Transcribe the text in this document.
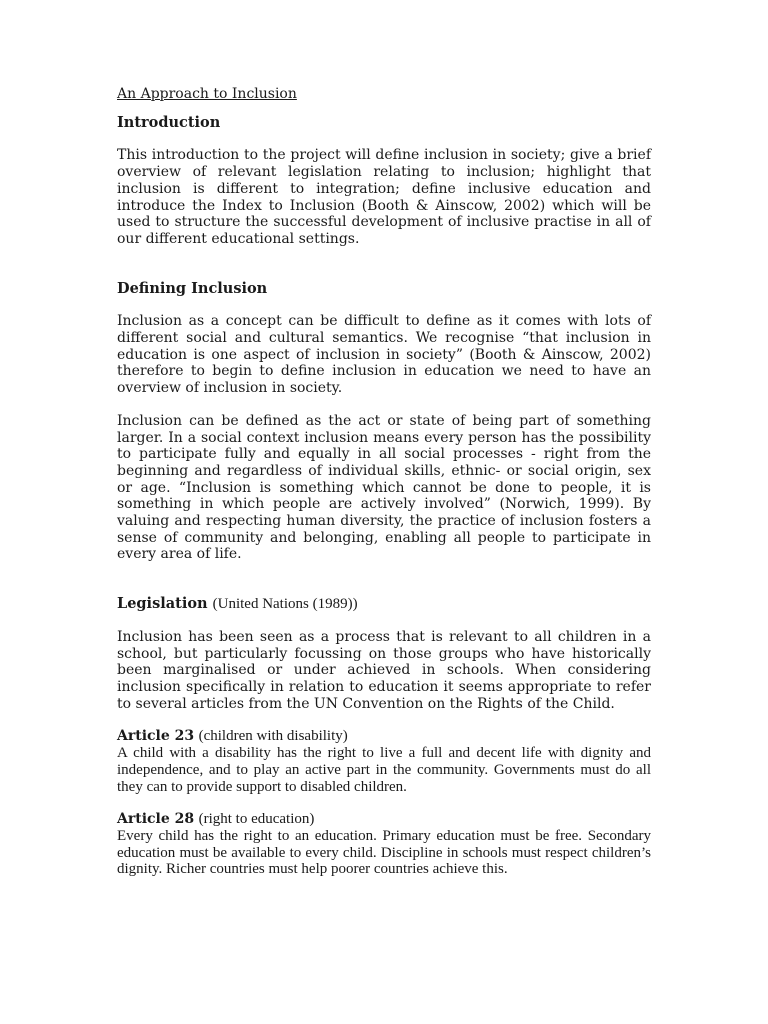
An Approach to Inclusion
Introduction

This introduction to the project will define inclusion in society; give a brief overview of relevant legislation relating to inclusion; highlight that inclusion is different to integration; define inclusive education and introduce the Index to Inclusion (Booth & Ainscow, 2002) which will be used to structure the successful development of inclusive practise in all of our different educational settings.

Defining Inclusion

Inclusion as a concept can be difficult to define as it comes with lots of different social and cultural semantics. We recognise “that inclusion in education is one aspect of inclusion in society” (Booth & Ainscow, 2002) therefore to begin to define inclusion in education we need to have an overview of inclusion in society.

Inclusion can be defined as the act or state of being part of something larger. In a social context inclusion means every person has the possibility to participate fully and equally in all social processes - right from the beginning and regardless of individual skills, ethnic- or social origin, sex or age. “Inclusion is something which cannot be done to people, it is something in which people are actively involved” (Norwich, 1999). By valuing and respecting human diversity, the practice of inclusion fosters a sense of community and belonging, enabling all people to participate in every area of life.

Legislation (United Nations (1989))

Inclusion has been seen as a process that is relevant to all children in a school, but particularly focussing on those groups who have historically been marginalised or under achieved in schools. When considering inclusion specifically in relation to education it seems appropriate to refer to several articles from the UN Convention on the Rights of the Child.

Article 23 (children with disability)

A child with a disability has the right to live a full and decent life with dignity and independence, and to play an active part in the community. Governments must do all they can to provide support to disabled children.

Article 28 (right to education)

Every child has the right to an education. Primary education must be free. Secondary education must be available to every child. Discipline in schools must respect children’s dignity. Richer countries must help poorer countries achieve this.
